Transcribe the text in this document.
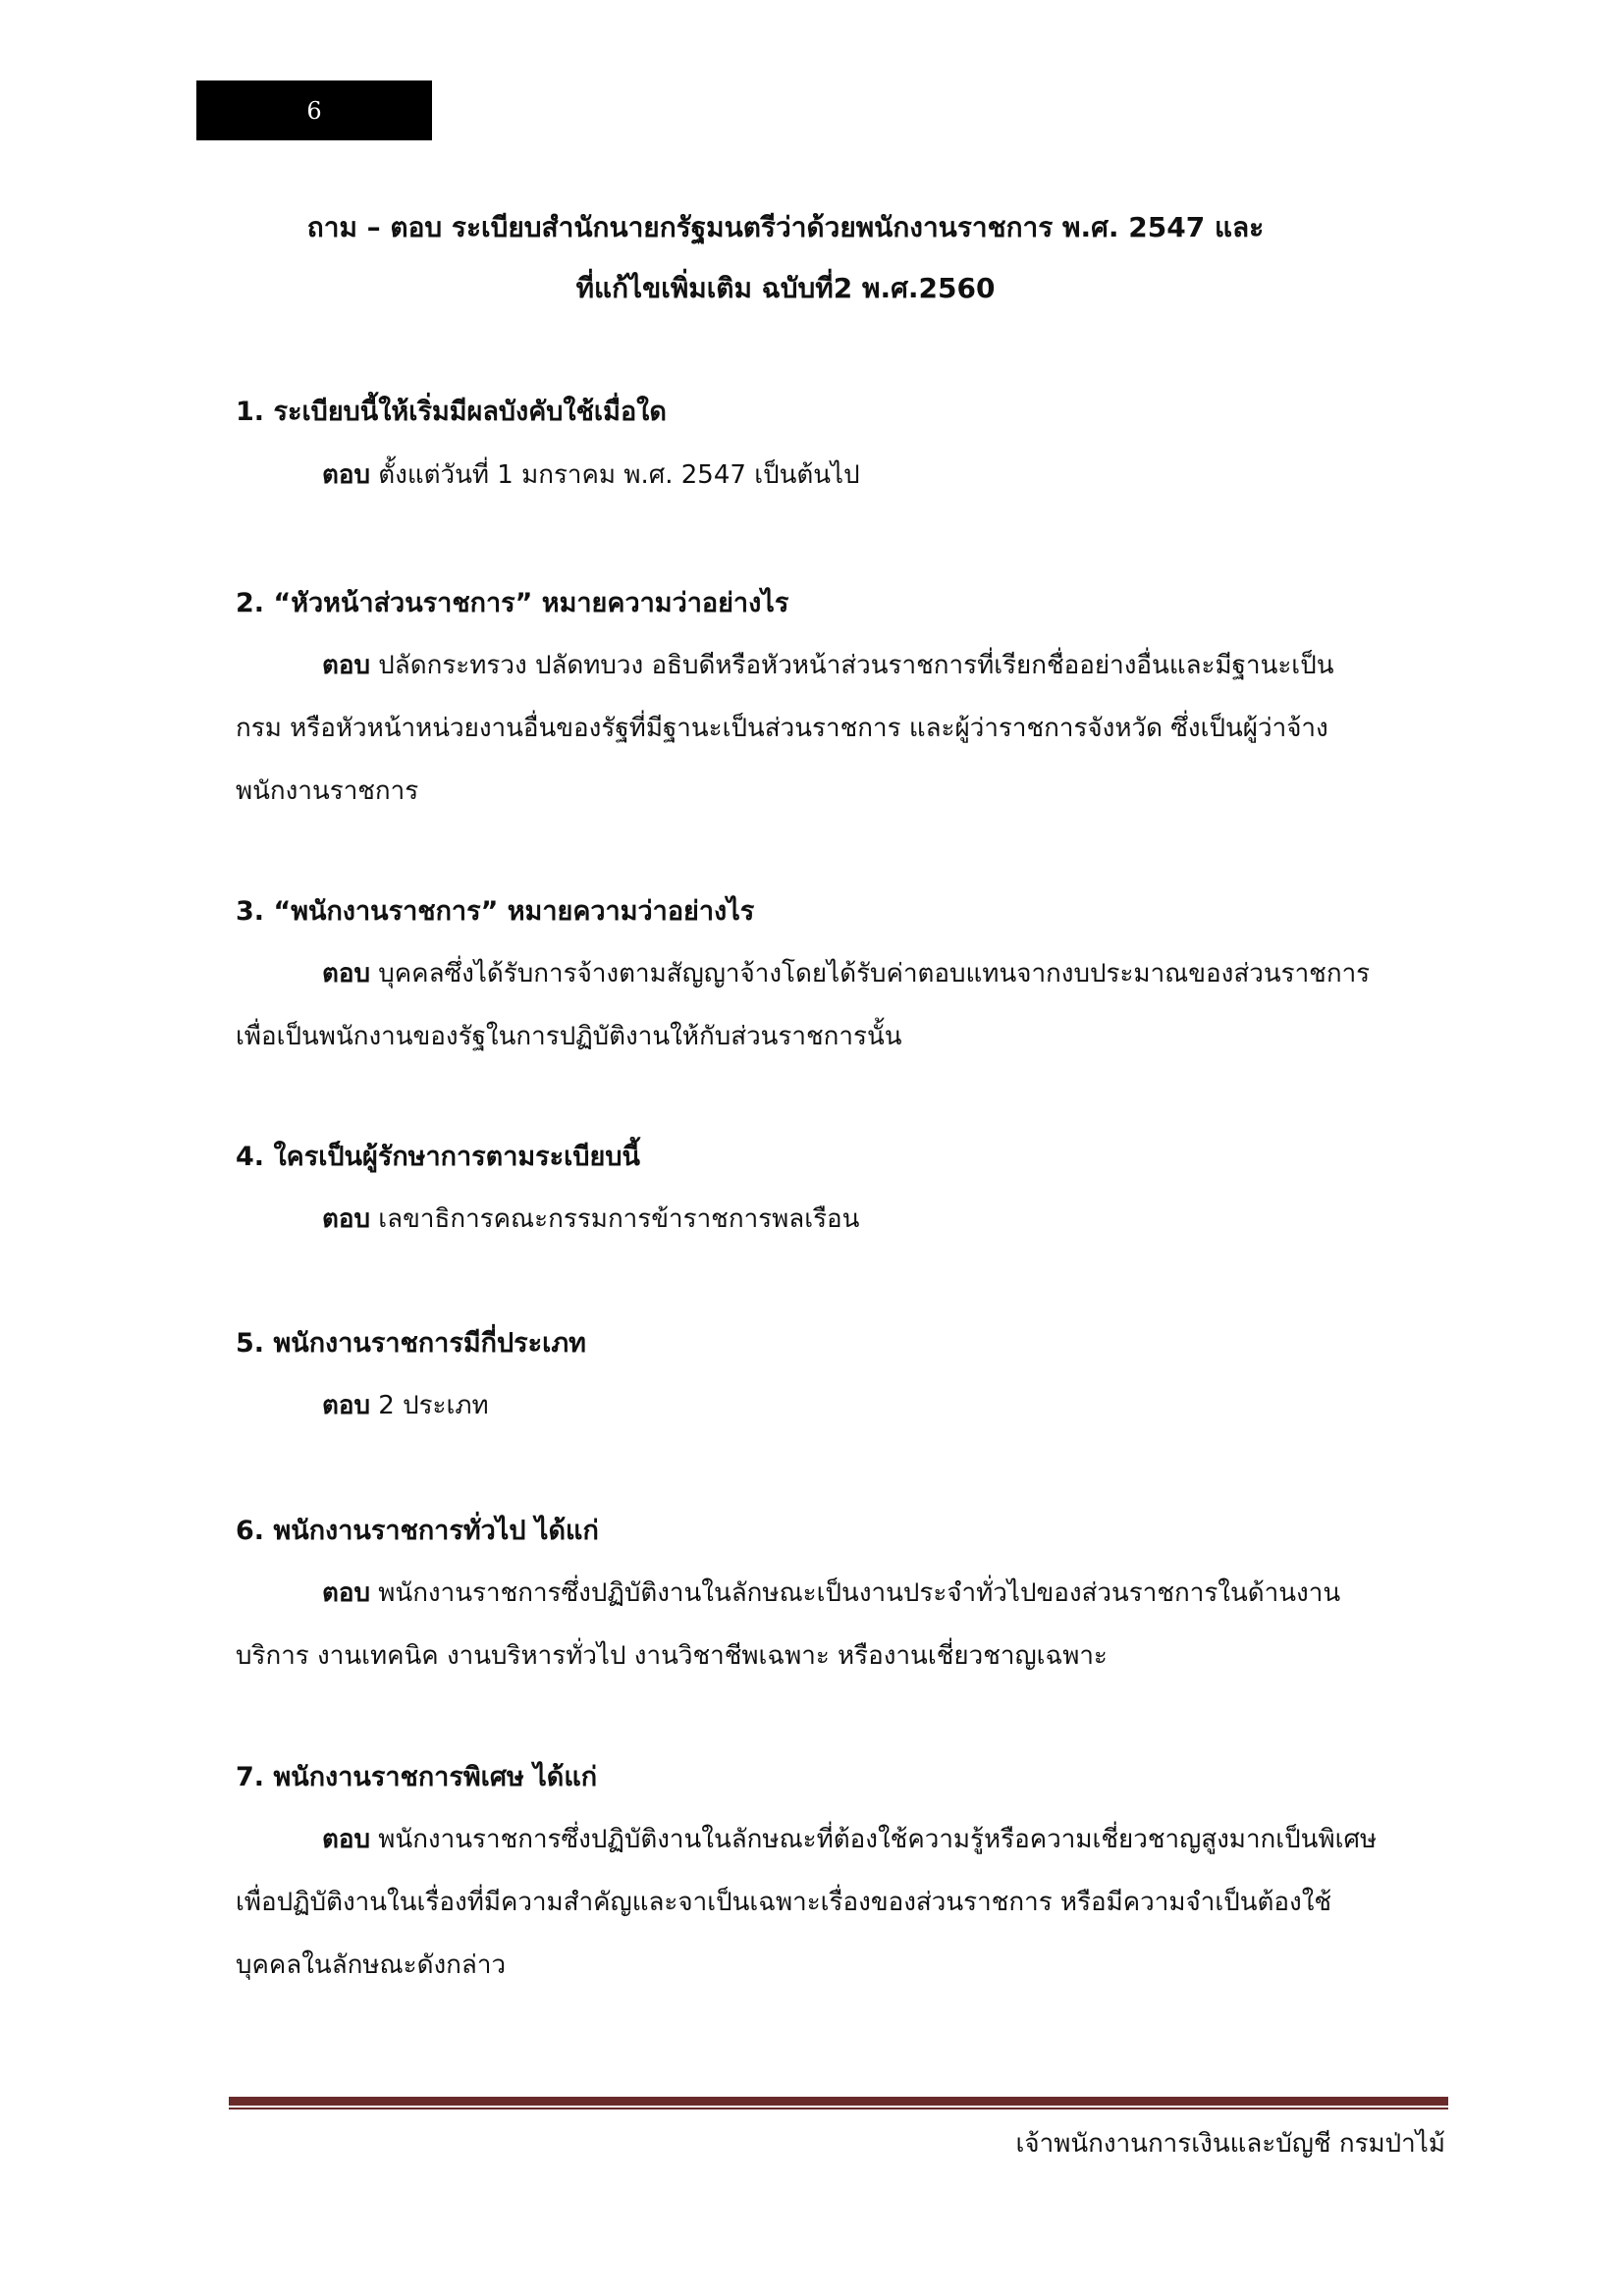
6
ถาม – ตอบ ระเบียบสำนักนายกรัฐมนตรีว่าด้วยพนักงานราชการ พ.ศ. 2547 และ
ที่แก้ไขเพิ่มเติม ฉบับที่2 พ.ศ.2560
1. ระเบียบนี้ให้เริ่มมีผลบังคับใช้เมื่อใด
ตอบ ตั้งแต่วันที่ 1 มกราคม พ.ศ. 2547 เป็นต้นไป
2. “หัวหน้าส่วนราชการ” หมายความว่าอย่างไร
ตอบ ปลัดกระทรวง ปลัดทบวง อธิบดีหรือหัวหน้าส่วนราชการที่เรียกชื่ออย่างอื่นและมีฐานะเป็น
กรม หรือหัวหน้าหน่วยงานอื่นของรัฐที่มีฐานะเป็นส่วนราชการ และผู้ว่าราชการจังหวัด ซึ่งเป็นผู้ว่าจ้าง
พนักงานราชการ
3. “พนักงานราชการ” หมายความว่าอย่างไร
ตอบ บุคคลซึ่งได้รับการจ้างตามสัญญาจ้างโดยได้รับค่าตอบแทนจากงบประมาณของส่วนราชการ
เพื่อเป็นพนักงานของรัฐในการปฏิบัติงานให้กับส่วนราชการนั้น
4. ใครเป็นผู้รักษาการตามระเบียบนี้
ตอบ เลขาธิการคณะกรรมการข้าราชการพลเรือน
5. พนักงานราชการมีกี่ประเภท
ตอบ 2 ประเภท
6. พนักงานราชการทั่วไป ได้แก่
ตอบ พนักงานราชการซึ่งปฏิบัติงานในลักษณะเป็นงานประจำทั่วไปของส่วนราชการในด้านงาน
บริการ งานเทคนิค งานบริหารทั่วไป งานวิชาชีพเฉพาะ หรืองานเชี่ยวชาญเฉพาะ
7. พนักงานราชการพิเศษ ได้แก่
ตอบ พนักงานราชการซึ่งปฏิบัติงานในลักษณะที่ต้องใช้ความรู้หรือความเชี่ยวชาญสูงมากเป็นพิเศษ
เพื่อปฏิบัติงานในเรื่องที่มีความสำคัญและจาเป็นเฉพาะเรื่องของส่วนราชการ หรือมีความจำเป็นต้องใช้
บุคคลในลักษณะดังกล่าว
เจ้าพนักงานการเงินและบัญชี กรมป่าไม้
